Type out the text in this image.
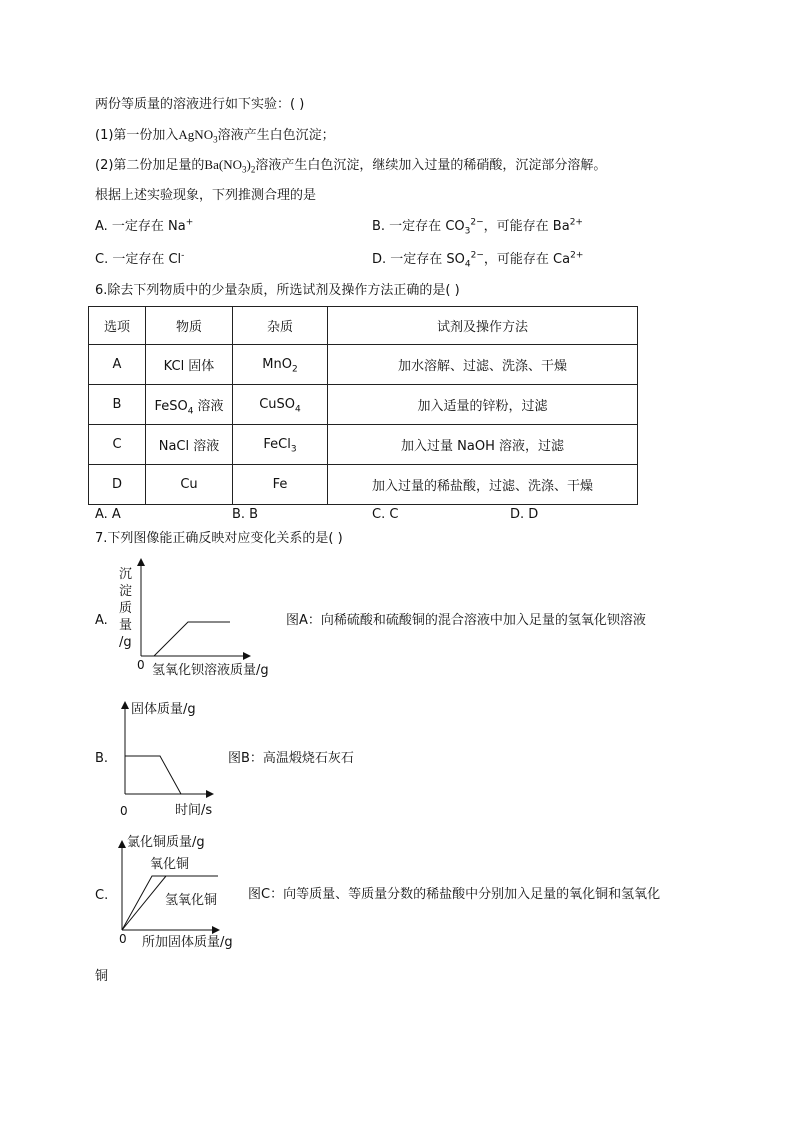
两份等质量的溶液进行如下实验：( )
(1)第一份加入AgNO$_3$溶液产生白色沉淀；
(2)第二份加足量的$Ba(NO_3)_2$溶液产生白色沉淀，继续加入过量的稀硝酸，沉淀部分溶解。
根据上述实验现象，下列推测合理的是
A. 一定存在 Na+	B. 一定存在 $CO_3^{2-}$，可能存在 $Ba^{2+}$
C. 一定存在 Cl-	D. 一定存在 $SO_4^{2-}$，可能存在 $Ca^{2+}$
6.除去下列物质中的少量杂质，所选试剂及操作方法正确的是( )
选项	物质	杂质	试剂及操作方法
A	KCl 固体	MnO$_2$	加水溶解、过滤、洗涤、干燥
B	FeSO$_4$ 溶液	CuSO$_4$	加入适量的锌粉，过滤
C	NaCl 溶液	FeCl$_3$	加入过量 NaOH 溶液，过滤
D	Cu	Fe	加入过量的稀盐酸，过滤、洗涤、干燥
A. A	B. B	C. C	D. D
7.下列图像能正确反映对应变化关系的是( )
A.
沉
淀
质
量
/g
0 氢氧化钡溶液质量/g
图A：向稀硫酸和硫酸铜的混合溶液中加入足量的氢氧化钡溶液
固体质量/g
B.
0	时间/s
图B：高温煅烧石灰石
氯化铜质量/g
C.
氧化铜
氢氧化铜
0 所加固体质量/g
图C：向等质量、等质量分数的稀盐酸中分别加入足量的氧化铜和氢氧化
铜
